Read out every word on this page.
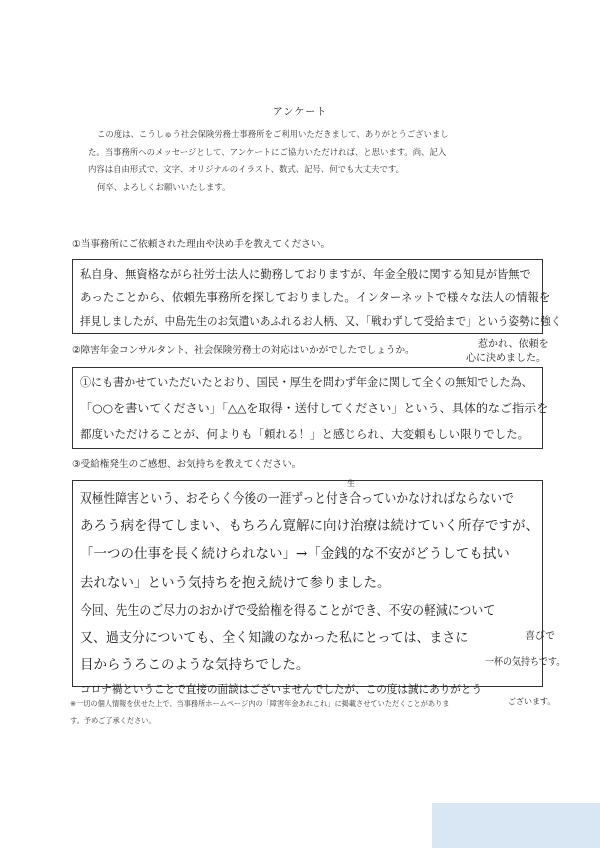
アンケート

この度は、こうしゅう社会保険労務士事務所をご利用いただきまして、ありがとうございまし

た。当事務所へのメッセージとして、アンケートにご協力いただければ、と思います。尚、記入

内容は自由形式で、文字、オリジナルのイラスト、数式、記号、何でも大丈夫です。

何卒、よろしくお願いいたします。

①当事務所にご依頼された理由や決め手を教えてください。
私自身、無資格ながら社労士法人に勤務しておりますが、年金全般に関する知見が皆無で
あったことから、依頼先事務所を探しておりました。インターネットで様々な法人の情報を
拝見しましたが、中島先生のお気遣いあふれるお人柄、又、「戦わずして受給まで」という姿勢に強く
惹かれ、依頼を
心に決めました。
②障害年金コンサルタント、社会保険労務士の対応はいかがでしたでしょうか。
①にも書かせていただいたとおり、国民・厚生を問わず年金に関して全くの無知でした為、
「○○を書いてください」「△△を取得・送付してください」という、具体的なご指示を
都度いただけることが、何よりも「頼れる！」と感じられ、大変頼もしい限りでした。
③受給権発生のご感想、お気持ちを教えてください。
生
双極性障害という、おそらく今後の一涯ずっと付き合っていかなければならないで
あろう病を得てしまい、もちろん寛解に向け治療は続けていく所存ですが、
「一つの仕事を長く続けられない」→「金銭的な不安がどうしても拭い
去れない」という気持ちを抱え続けて参りました。
今回、先生のご尽力のおかげで受給権を得ることができ、不安の軽減について
又、過支分についても、全く知識のなかった私にとっては、まさに
目からうろこのような気持ちでした。
コロナ禍ということで直接の面談はございませんでしたが、この度は誠にありがとう
喜びで
一杯の気持ちです。
ございます。

※一切の個人情報を伏せた上で、当事務所ホームページ内の「障害年金あれこれ」に掲載させていただくことがありま

す。予めご了承ください。
